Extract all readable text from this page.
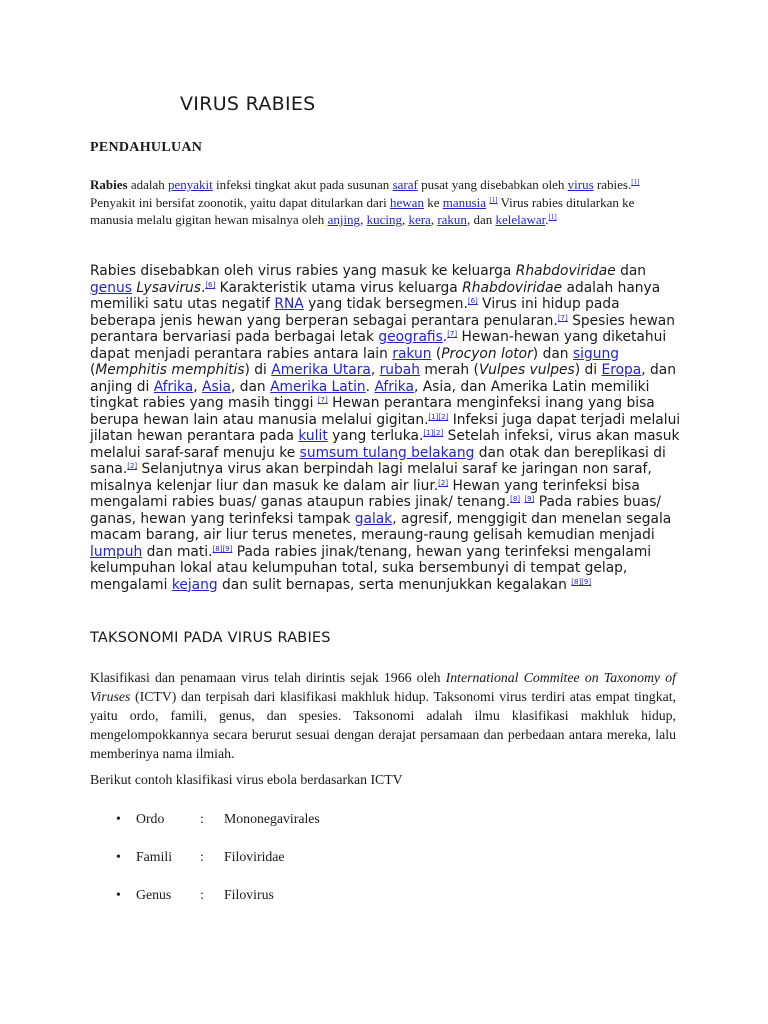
VIRUS RABIES
PENDAHULUAN

Rabies adalah penyakit infeksi tingkat akut pada susunan saraf pusat yang disebabkan oleh virus rabies.[1] Penyakit ini bersifat zoonotik, yaitu dapat ditularkan dari hewan ke manusia [1] Virus rabies ditularkan ke manusia melalu gigitan hewan misalnya oleh anjing, kucing, kera, rakun, dan kelelawar.[1]

Rabies disebabkan oleh virus rabies yang masuk ke keluarga Rhabdoviridae dan genus Lysavirus.[6] Karakteristik utama virus keluarga Rhabdoviridae adalah hanya memiliki satu utas negatif RNA yang tidak bersegmen.[6] Virus ini hidup pada beberapa jenis hewan yang berperan sebagai perantara penularan.[7] Spesies hewan perantara bervariasi pada berbagai letak geografis.[7] Hewan-hewan yang diketahui dapat menjadi perantara rabies antara lain rakun (Procyon lotor) dan sigung (Memphitis memphitis) di Amerika Utara, rubah merah (Vulpes vulpes) di Eropa, dan anjing di Afrika, Asia, dan Amerika Latin. Afrika, Asia, dan Amerika Latin memiliki tingkat rabies yang masih tinggi [7] Hewan perantara menginfeksi inang yang bisa berupa hewan lain atau manusia melalui gigitan.[1][2] Infeksi juga dapat terjadi melalui jilatan hewan perantara pada kulit yang terluka.[1][2] Setelah infeksi, virus akan masuk melalui saraf-saraf menuju ke sumsum tulang belakang dan otak dan bereplikasi di sana.[2] Selanjutnya virus akan berpindah lagi melalui saraf ke jaringan non saraf, misalnya kelenjar liur dan masuk ke dalam air liur.[2] Hewan yang terinfeksi bisa mengalami rabies buas/ ganas ataupun rabies jinak/ tenang.[8] [9] Pada rabies buas/ ganas, hewan yang terinfeksi tampak galak, agresif, menggigit dan menelan segala macam barang, air liur terus menetes, meraung-raung gelisah kemudian menjadi lumpuh dan mati.[8][9] Pada rabies jinak/tenang, hewan yang terinfeksi mengalami kelumpuhan lokal atau kelumpuhan total, suka bersembunyi di tempat gelap, mengalami kejang dan sulit bernapas, serta menunjukkan kegalakan [8][9]

TAKSONOMI PADA VIRUS RABIES

Klasifikasi dan penamaan virus telah dirintis sejak 1966 oleh International Commitee on Taxonomy of Viruses (ICTV) dan terpisah dari klasifikasi makhluk hidup. Taksonomi virus terdiri atas empat tingkat, yaitu ordo, famili, genus, dan spesies. Taksonomi adalah ilmu klasifikasi makhluk hidup, mengelompokkannya secara berurut sesuai dengan derajat persamaan dan perbedaan antara mereka, lalu memberinya nama ilmiah.

Berikut contoh klasifikasi virus ebola berdasarkan ICTV

• Ordo	: Mononegavirales
• Famili	: Filoviridae
• Genus	: Filovirus
